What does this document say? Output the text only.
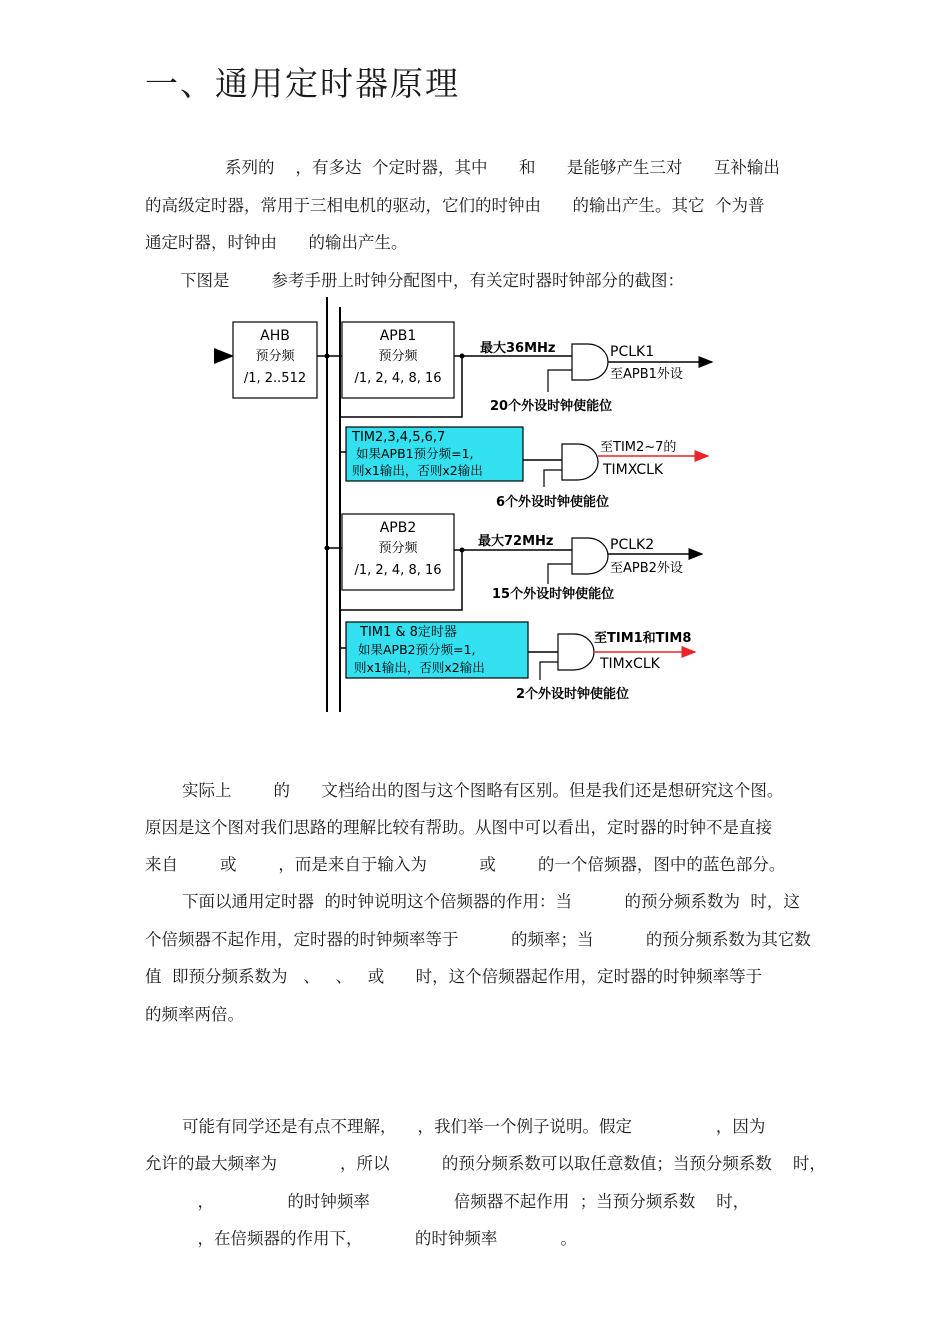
一、通用定时器原理
系列的    ，有多达  个定时器，其中      和      是能够产生三对      互补输出
的高级定时器，常用于三相电机的驱动，它们的时钟由      的输出产生。其它  个为普
通定时器，时钟由      的输出产生。
下图是        参考手册上时钟分配图中，有关定时器时钟部分的截图：
AHB
预分频
/1, 2..512
APB1
预分频
/1, 2, 4, 8, 16
最大36MHz	PCLK1
至APB1外设
20个外设时钟使能位
TIM2,3,4,5,6,7
如果APB1预分频=1,
则x1输出，否则x2输出
至TIM2~7的
TIMXCLK
6个外设时钟使能位
APB2
预分频
/1, 2, 4, 8, 16
最大72MHz	PCLK2
至APB2外设
15个外设时钟使能位
TIM1 & 8定时器
如果APB2预分频=1,
则x1输出，否则x2输出
至TIM1和TIM8
TIMxCLK
2个外设时钟使能位
实际上        的      文档给出的图与这个图略有区别。但是我们还是想研究这个图。
原因是这个图对我们思路的理解比较有帮助。从图中可以看出，定时器的时钟不是直接
来自        或        ，而是来自于输入为          或        的一个倍频器，图中的蓝色部分。
下面以通用定时器  的时钟说明这个倍频器的作用：当          的预分频系数为  时，这
个倍频器不起作用，定时器的时钟频率等于          的频率；当          的预分频系数为其它数
值  即预分频系数为   、   、   或      时，这个倍频器起作用，定时器的时钟频率等于
的频率两倍。
可能有同学还是有点不理解，    ，我们举一个例子说明。假定                ，因为
允许的最大频率为            ，所以          的预分频系数可以取任意数值；当预分频系数    时，
，              的时钟频率                倍频器不起作用  ；当预分频系数    时，
，在倍频器的作用下，          的时钟频率            。
